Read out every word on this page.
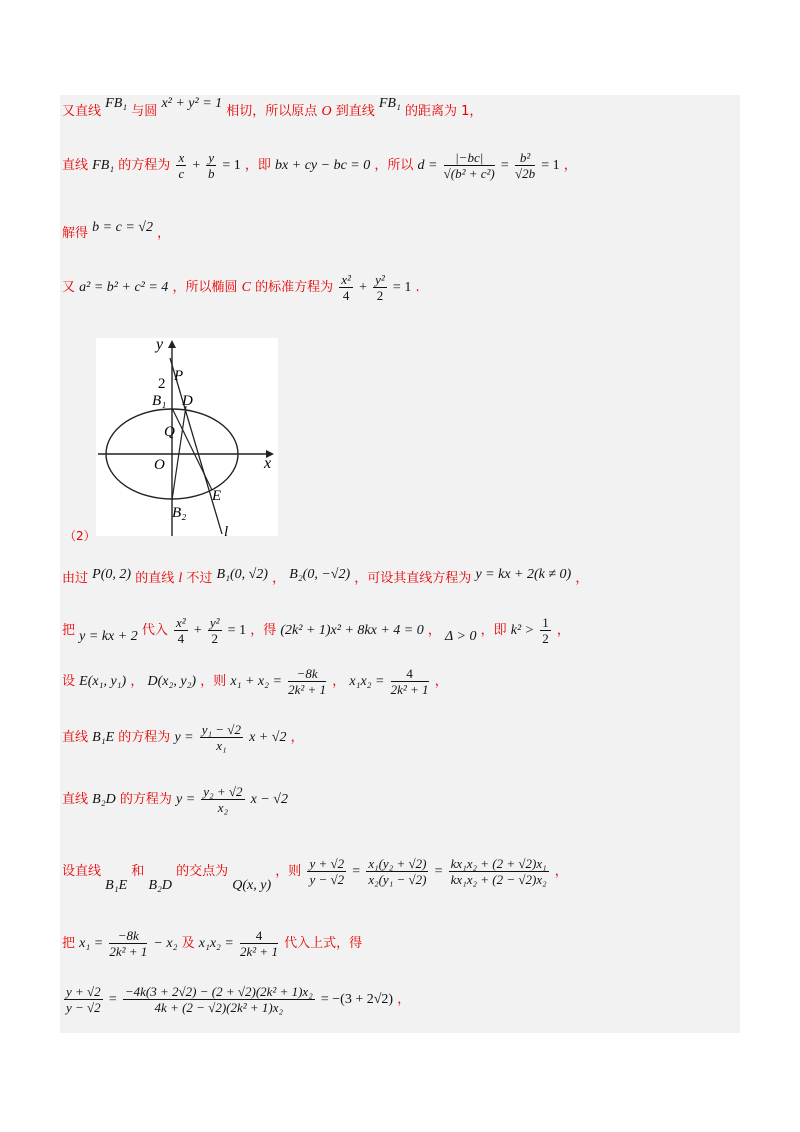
又直线 FB₁ 与圆 x² + y² = 1 相切，所以原点 O 到直线 FB₁ 的距离为 1，
直线 FB₁ 的方程为 $\frac{x}{c} + \frac{y}{b} = 1$ ，即 bx + cy − bc = 0 ，所以 $d = \frac{|-bc|}{\text{√(b² + c²)}} = \frac{\text{b²}}{√2b} = 1$ ，
解得 b = c = √2 ，
又 a² = b² + c² = 4 ，所以椭圆 C 的标准方程为 $\frac{\text{x²}}{4} + \frac{\text{y²}}{2} = 1$ .
y
x
P
2
B₁ D
Q
O
E
B₂
l
（2）
由过 P(0, 2) 的直线 l 不过 B₁(0, √2) ， B₂(0, −√2) ，可设其直线方程为 y = kx + 2(k ≠ 0) ，
把 y = kx + 2 代入 $\frac{\text{x²}}{4} + \frac{\text{y²}}{2} = 1$ ，得 (2k² + 1)x² + 8kx + 4 = 0 ， Δ > 0 ，即 $k^2 > \frac{1}{2}$ ，
设 E(x₁, y₁) ， D(x₂, y₂) ，则 $x_1 + x_2 = \frac{-8k}{\text{2k² + 1}}$ ， $x_1x_2 = \frac{4}{\text{2k² + 1}}$ ，
直线 B₁E 的方程为 $y = \frac{\text{y₁ − √2}}{\text{x₁}}$ x + √2 ，
直线 B₂D 的方程为 $y = \frac{\text{y₂ + √2}}{\text{x₂}}$ x − √2
设直线 B₁E 和 B₂D 的交点为 Q(x, y) ，则 $\frac{y + √2}{y - √2} = \frac{\text{x₁(y₂ + √2)}}{\text{x₂(y₁ − √2)}} = \frac{\text{kx₁x₂ + (2 + √2)x₁}}{\text{kx₁x₂ + (2 − √2)x₂}}$ ，
把 $x_1 = \frac{-8k}{\text{2k² + 1}} - x_2$ 及 $x_1x_2 = \frac{4}{\text{2k² + 1}}$ 代入上式，得
$\frac{y + √2}{y - √2} = \frac{\text{−4k(3 + 2√2) − (2 + √2)(2k² + 1)x₂}}{\text{4k + (2 − √2)(2k² + 1)x₂}} = -(3 + 2√2)$ ，
